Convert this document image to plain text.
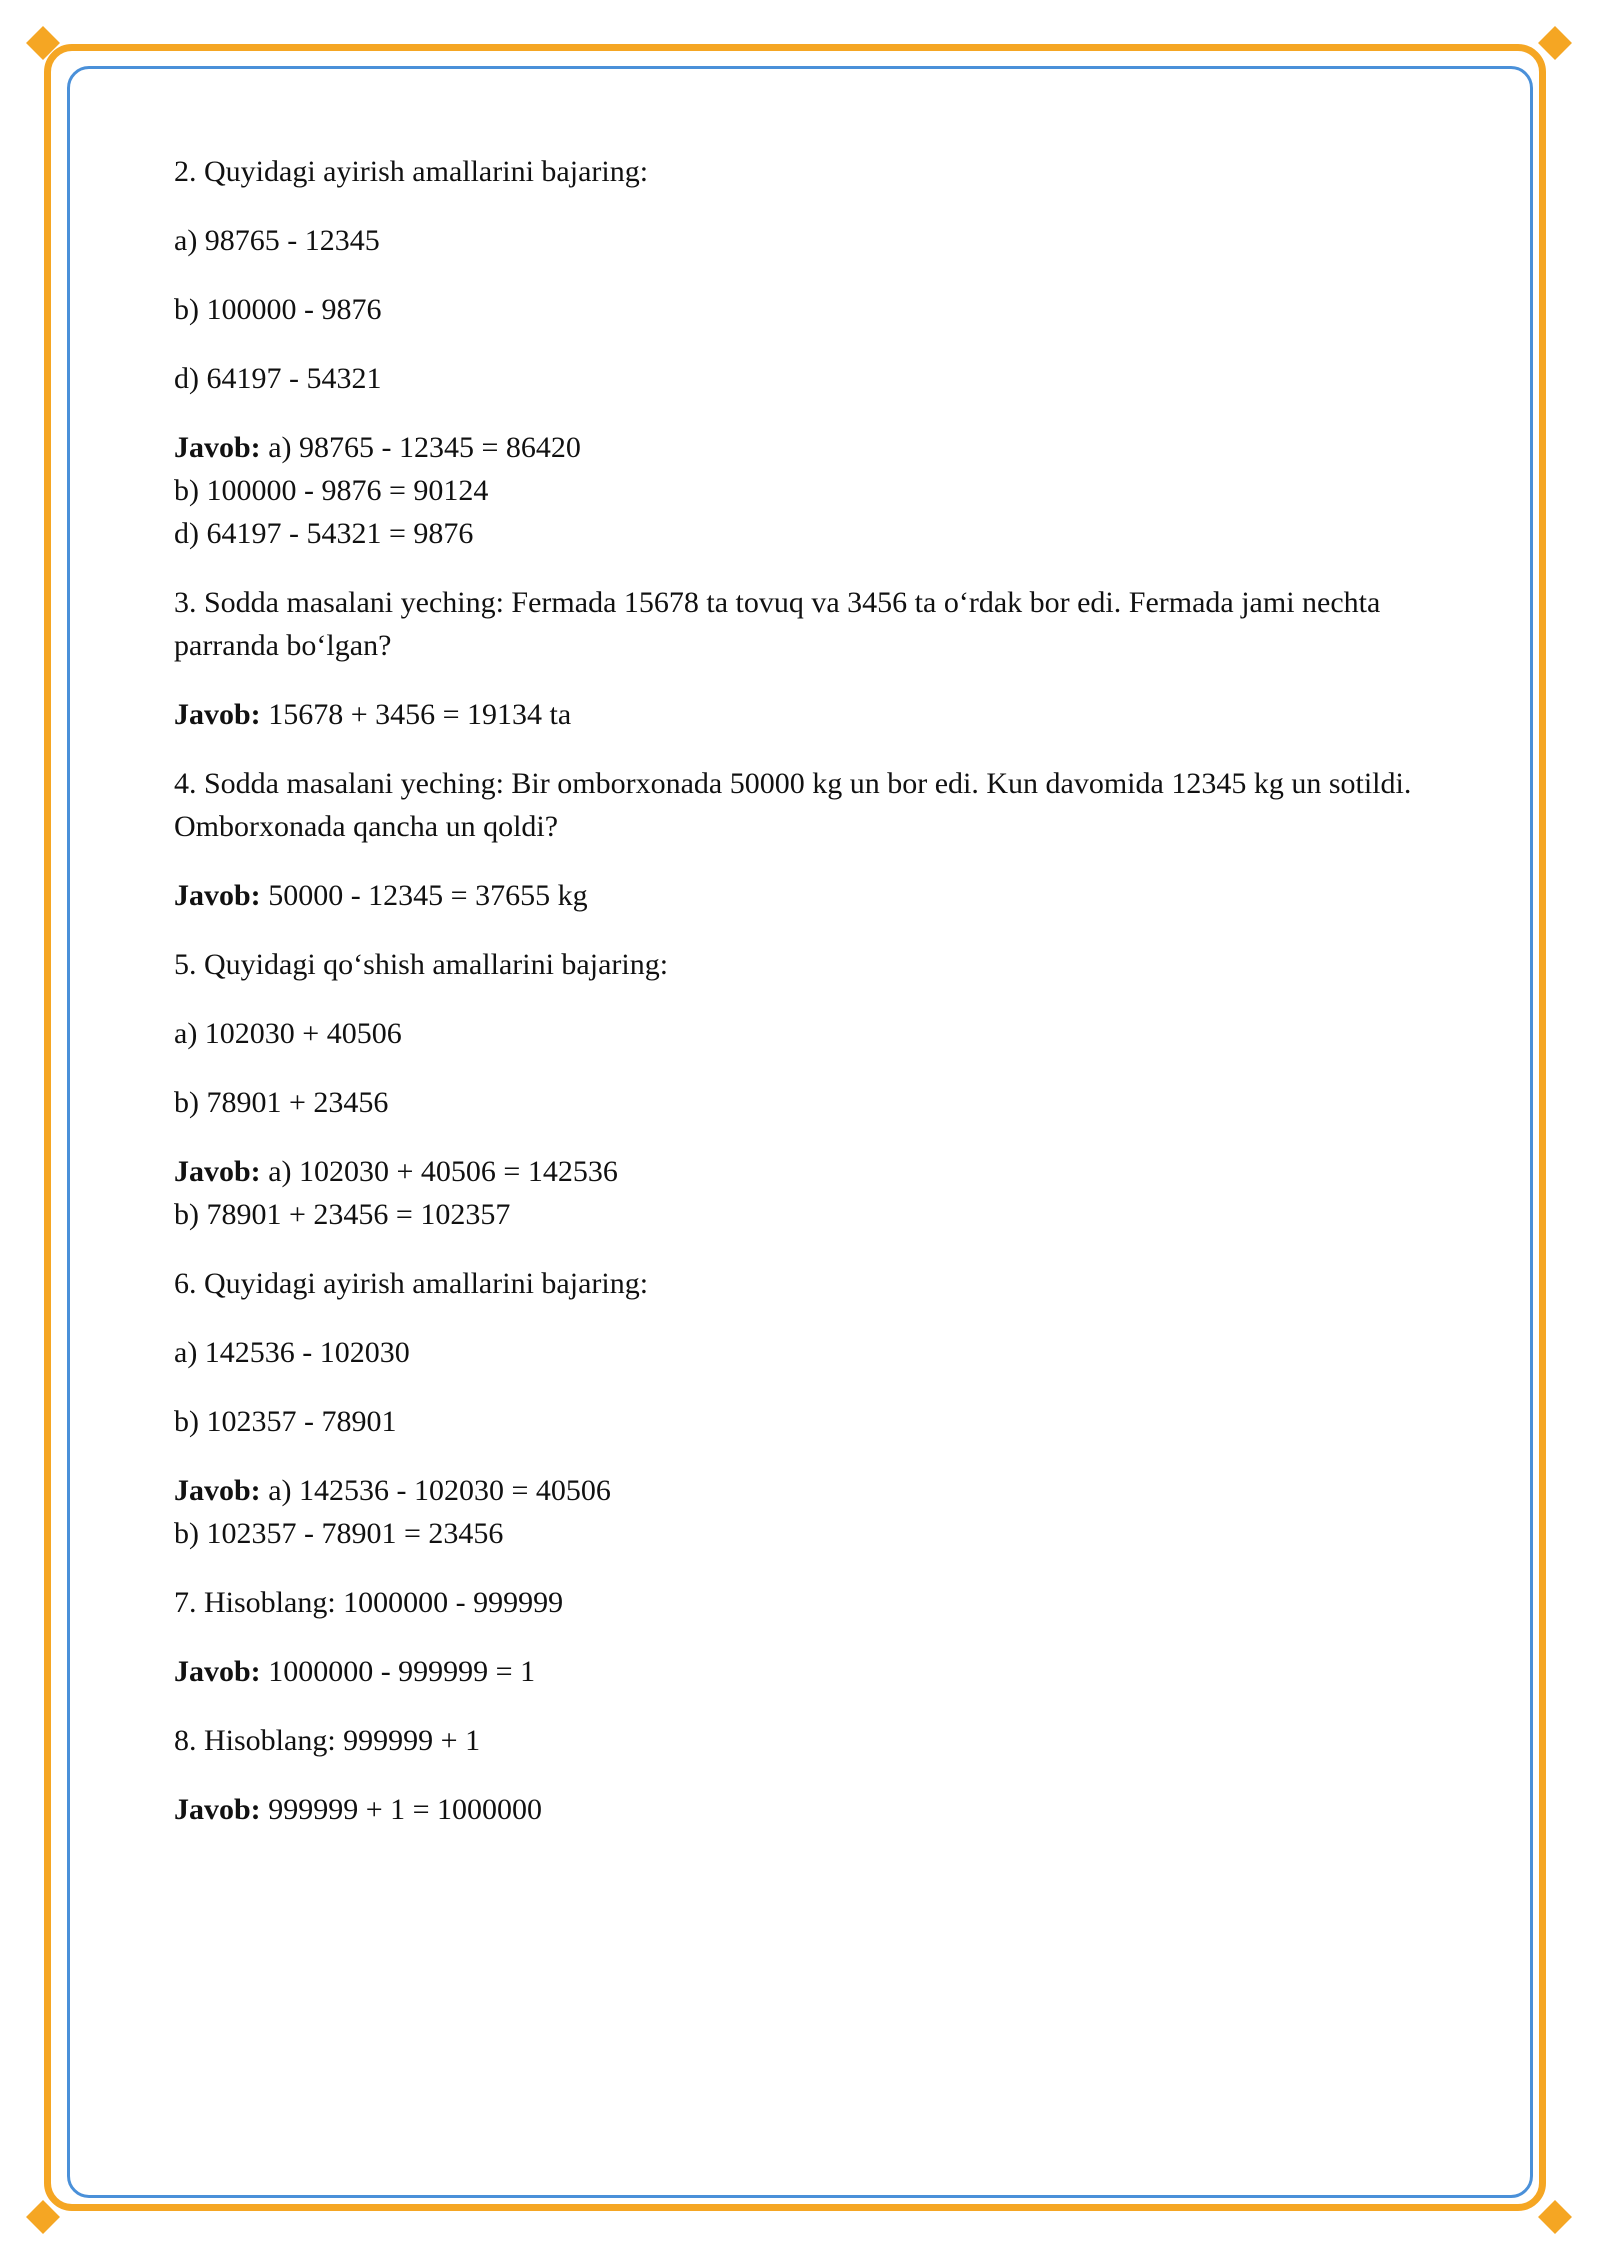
2. Quyidagi ayirish amallarini bajaring:

a) 98765 - 12345

b) 100000 - 9876

d) 64197 - 54321

Javob: a) 98765 - 12345 = 86420
b) 100000 - 9876 = 90124
d) 64197 - 54321 = 9876

3. Sodda masalani yeching: Fermada 15678 ta tovuq va 3456 ta o‘rdak bor edi. Fermada jami nechta parranda bo‘lgan?

Javob: 15678 + 3456 = 19134 ta

4. Sodda masalani yeching: Bir omborxonada 50000 kg un bor edi. Kun davomida 12345 kg un sotildi. Omborxonada qancha un qoldi?

Javob: 50000 - 12345 = 37655 kg

5. Quyidagi qo‘shish amallarini bajaring:

a) 102030 + 40506

b) 78901 + 23456

Javob: a) 102030 + 40506 = 142536
b) 78901 + 23456 = 102357

6. Quyidagi ayirish amallarini bajaring:

a) 142536 - 102030

b) 102357 - 78901

Javob: a) 142536 - 102030 = 40506
b) 102357 - 78901 = 23456

7. Hisoblang: 1000000 - 999999

Javob: 1000000 - 999999 = 1

8. Hisoblang: 999999 + 1

Javob: 999999 + 1 = 1000000
